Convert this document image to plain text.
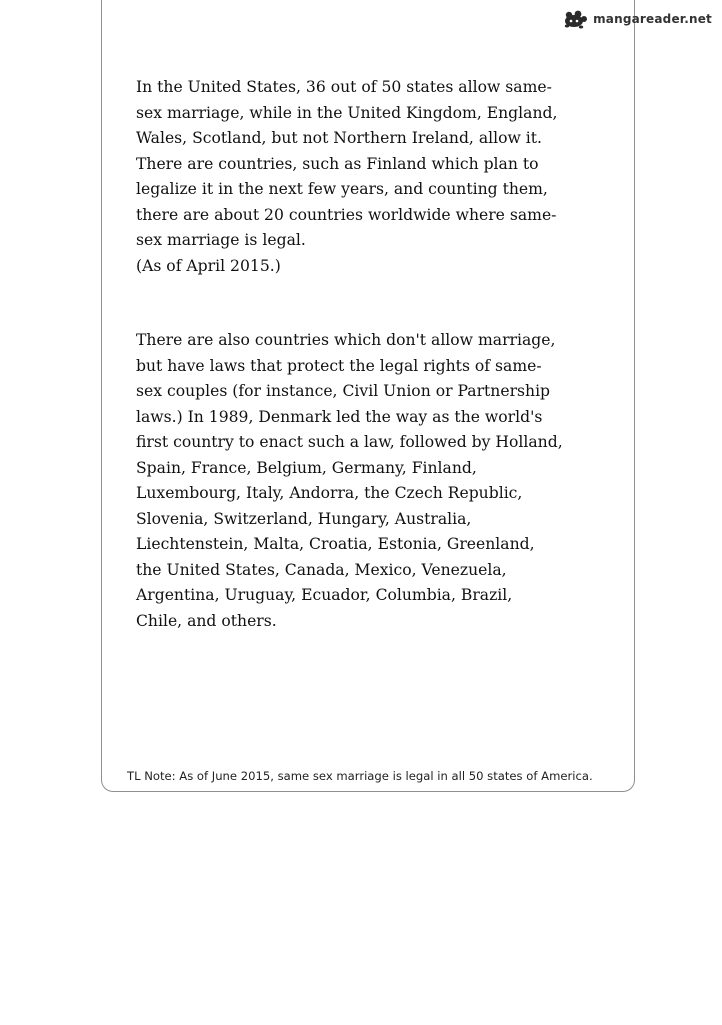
mangareader.net

In the United States, 36 out of 50 states allow same-
sex marriage, while in the United Kingdom, England,
Wales, Scotland, but not Northern Ireland, allow it.
There are countries, such as Finland which plan to
legalize it in the next few years, and counting them,
there are about 20 countries worldwide where same-
sex marriage is legal.
(As of April 2015.)

There are also countries which don't allow marriage,
but have laws that protect the legal rights of same-
sex couples (for instance, Civil Union or Partnership
laws.) In 1989, Denmark led the way as the world's
first country to enact such a law, followed by Holland,
Spain, France, Belgium, Germany, Finland,
Luxembourg, Italy, Andorra, the Czech Republic,
Slovenia, Switzerland, Hungary, Australia,
Liechtenstein, Malta, Croatia, Estonia, Greenland,
the United States, Canada, Mexico, Venezuela,
Argentina, Uruguay, Ecuador, Columbia, Brazil,
Chile, and others.

TL Note: As of June 2015, same sex marriage is legal in all 50 states of America.
